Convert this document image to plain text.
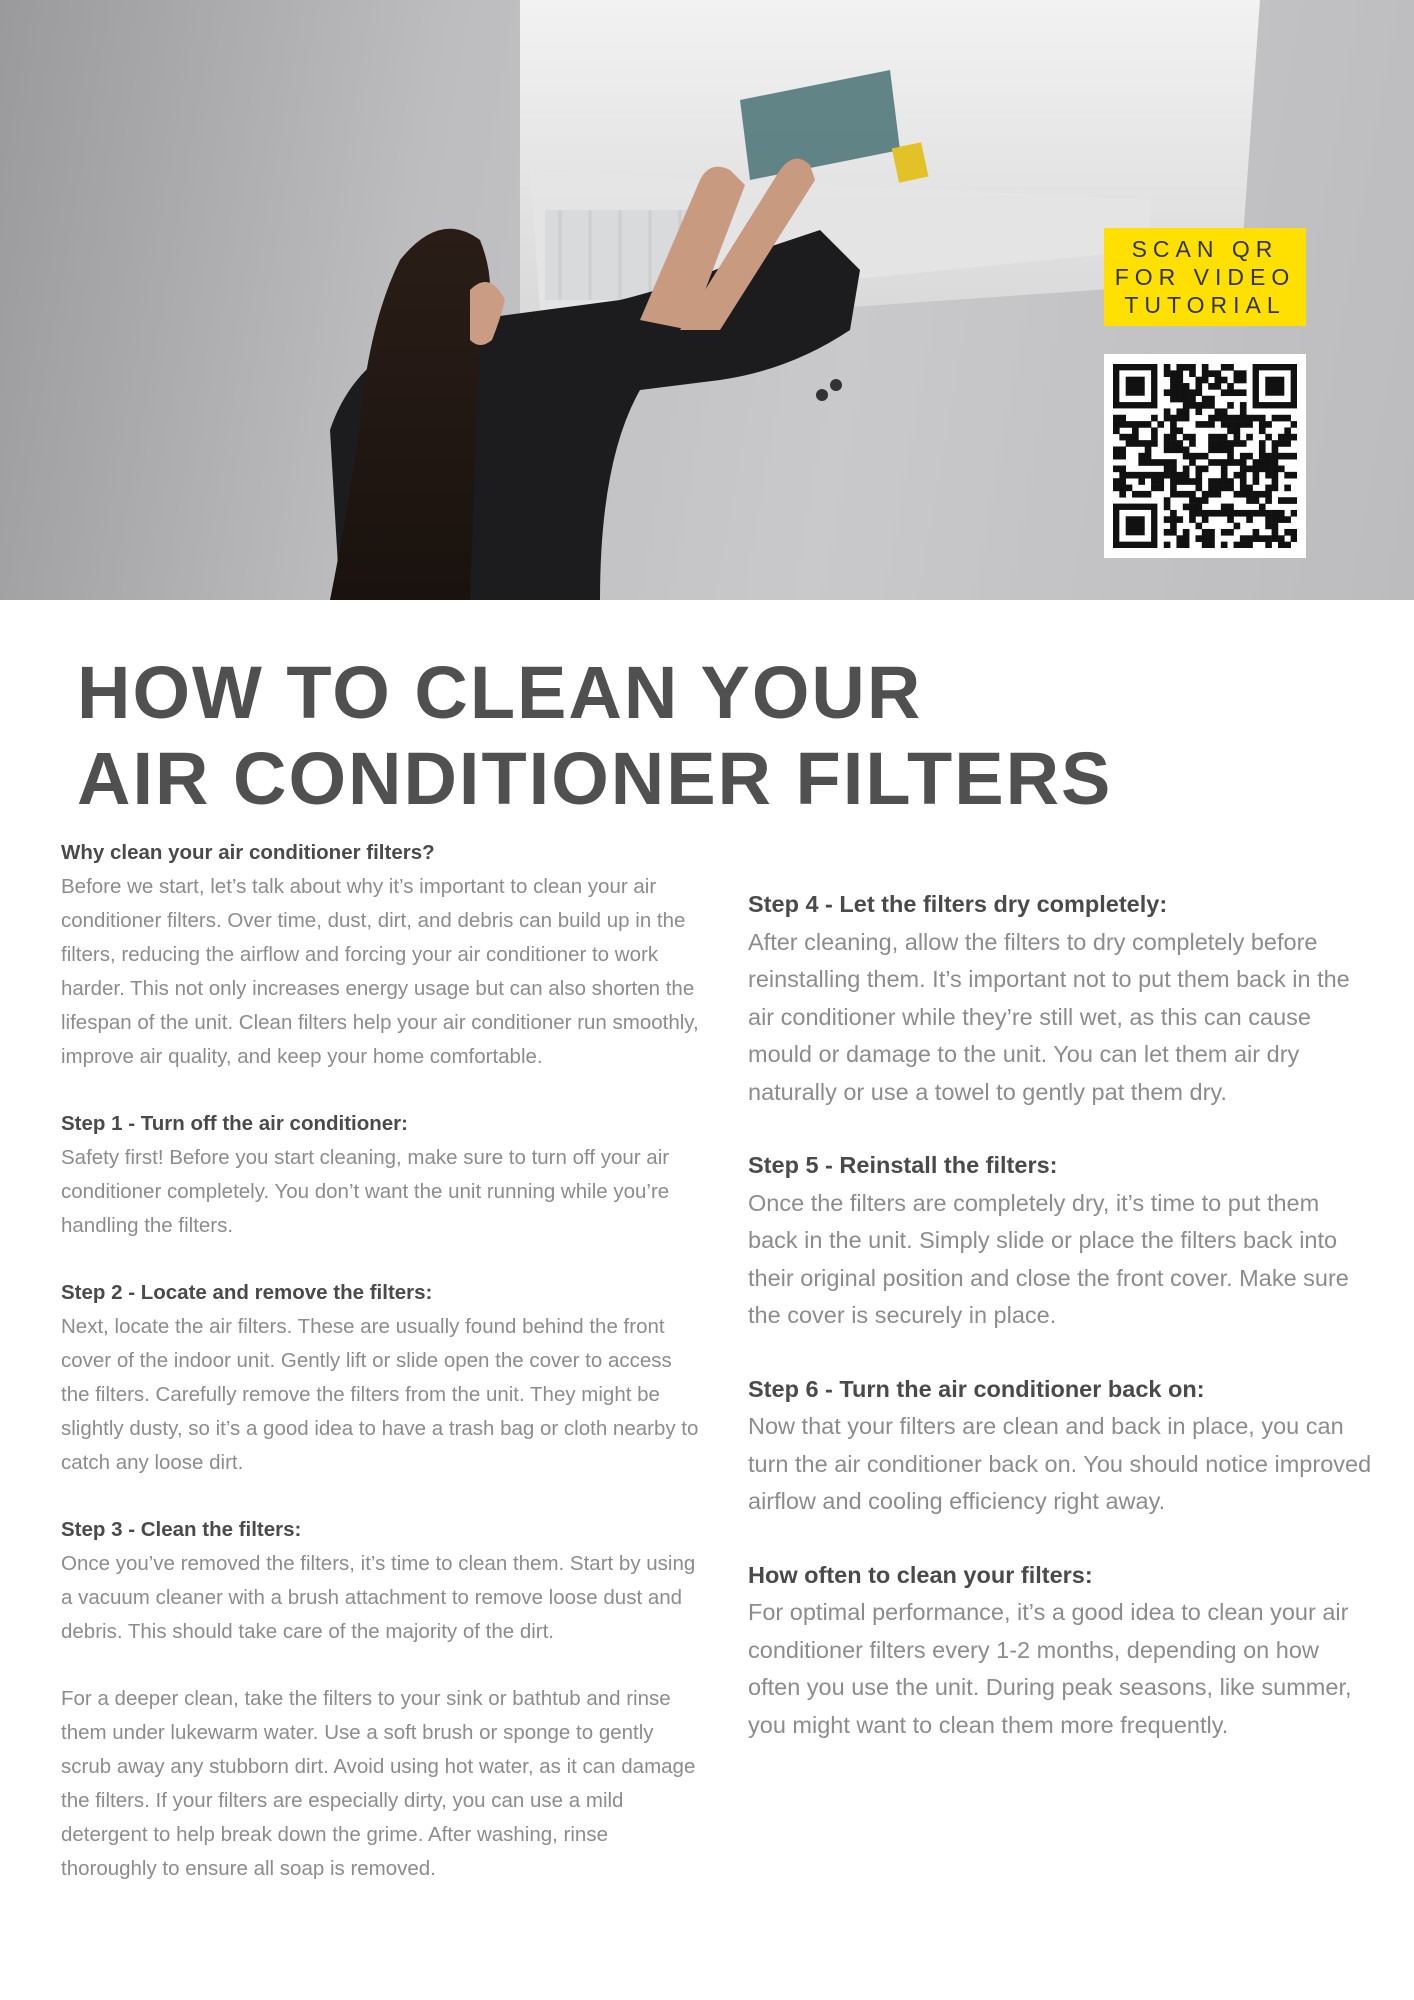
SCAN QR
FOR VIDEO
TUTORIAL
HOW TO CLEAN YOUR
AIR CONDITIONER FILTERS
Why clean your air conditioner filters?

Before we start, let’s talk about why it’s important to clean your air conditioner filters. Over time, dust, dirt, and debris can build up in the filters, reducing the airflow and forcing your air conditioner to work harder. This not only increases energy usage but can also shorten the lifespan of the unit. Clean filters help your air conditioner run smoothly, improve air quality, and keep your home comfortable.

Step 1 - Turn off the air conditioner:

Safety first! Before you start cleaning, make sure to turn off your air conditioner completely. You don’t want the unit running while you’re handling the filters.

Step 2 - Locate and remove the filters:

Next, locate the air filters. These are usually found behind the front cover of the indoor unit. Gently lift or slide open the cover to access the filters. Carefully remove the filters from the unit. They might be slightly dusty, so it’s a good idea to have a trash bag or cloth nearby to catch any loose dirt.

Step 3 - Clean the filters:

Once you’ve removed the filters, it’s time to clean them. Start by using a vacuum cleaner with a brush attachment to remove loose dust and debris. This should take care of the majority of the dirt.

For a deeper clean, take the filters to your sink or bathtub and rinse them under lukewarm water. Use a soft brush or sponge to gently scrub away any stubborn dirt. Avoid using hot water, as it can damage the filters. If your filters are especially dirty, you can use a mild detergent to help break down the grime. After washing, rinse thoroughly to ensure all soap is removed.

Step 4 - Let the filters dry completely:

After cleaning, allow the filters to dry completely before reinstalling them. It’s important not to put them back in the air conditioner while they’re still wet, as this can cause mould or damage to the unit. You can let them air dry naturally or use a towel to gently pat them dry.

Step 5 - Reinstall the filters:

Once the filters are completely dry, it’s time to put them back in the unit. Simply slide or place the filters back into their original position and close the front cover. Make sure the cover is securely in place.

Step 6 - Turn the air conditioner back on:

Now that your filters are clean and back in place, you can turn the air conditioner back on. You should notice improved airflow and cooling efficiency right away.

How often to clean your filters:

For optimal performance, it’s a good idea to clean your air conditioner filters every 1-2 months, depending on how often you use the unit. During peak seasons, like summer, you might want to clean them more frequently.
